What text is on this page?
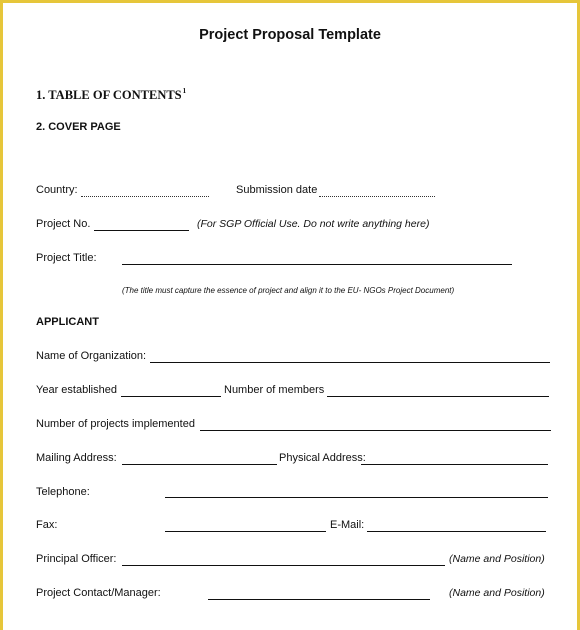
Project Proposal Template
1. TABLE OF CONTENTS$^1$
2. COVER PAGE
Country:	Submission date
Project No.	(For SGP Official Use. Do not write anything here)
Project Title:
(The title must capture the essence of project and align it to the EU- NGOs Project Document)
APPLICANT
Name of Organization:
Year established	Number of members
Number of projects implemented
Mailing Address:	Physical Address:
Telephone:
Fax:	E-Mail:
Principal Officer:	(Name and Position)
Project Contact/Manager:	(Name and Position)
